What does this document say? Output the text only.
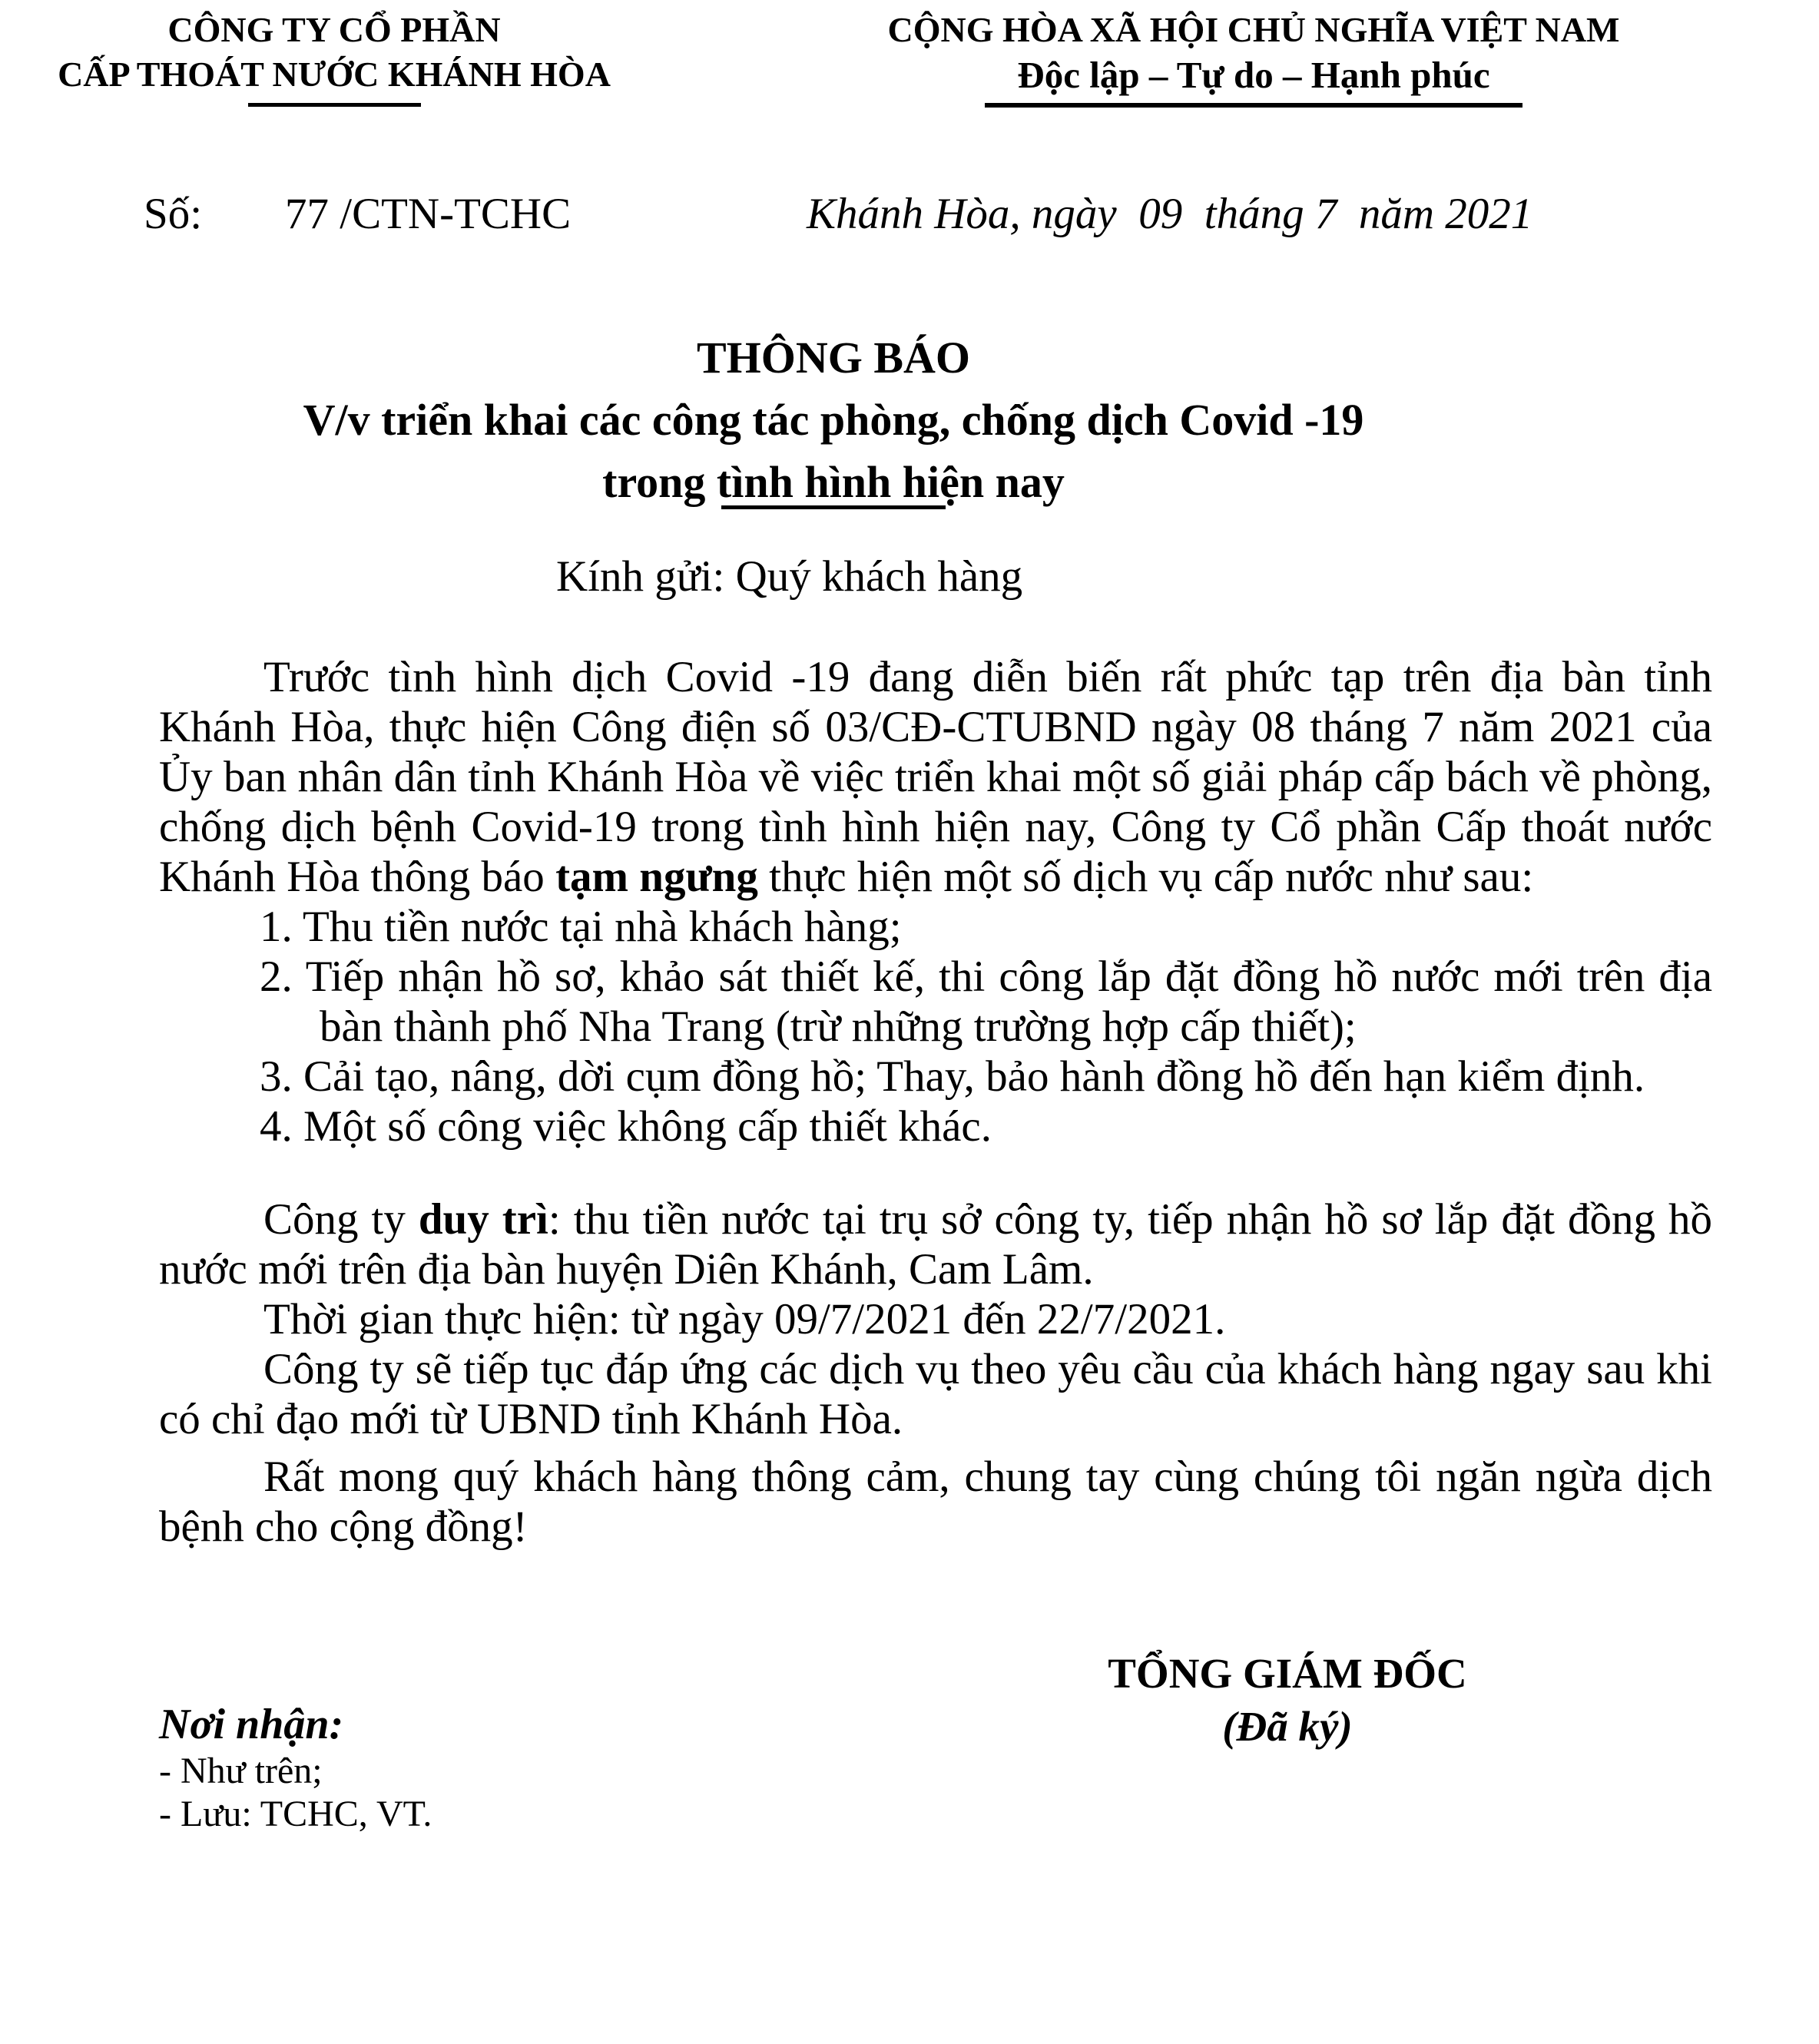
CÔNG TY CỔ PHẦN
CẤP THOÁT NƯỚC KHÁNH HÒA
CỘNG HÒA XÃ HỘI CHỦ NGHĨA VIỆT NAM
Độc lập – Tự do – Hạnh phúc
Số: 77 /CTN-TCHC	Khánh Hòa, ngày  09  tháng 7  năm 2021
THÔNG BÁO
V/v triển khai các công tác phòng, chống dịch Covid -19
trong tình hình hiện nay
Kính gửi: Quý khách hàng

Trước tình hình dịch Covid -19 đang diễn biến rất phức tạp trên địa bàn tỉnh Khánh Hòa, thực hiện Công điện số 03/CĐ-CTUBND ngày 08 tháng 7 năm 2021 của Ủy ban nhân dân tỉnh Khánh Hòa về việc triển khai một số giải pháp cấp bách về phòng, chống dịch bệnh Covid-19 trong tình hình hiện nay, Công ty Cổ phần Cấp thoát nước Khánh Hòa thông báo tạm ngưng thực hiện một số dịch vụ cấp nước như sau:

1. Thu tiền nước tại nhà khách hàng;
2. Tiếp nhận hồ sơ, khảo sát thiết kế, thi công lắp đặt đồng hồ nước mới trên địa bàn thành phố Nha Trang (trừ những trường hợp cấp thiết);
3. Cải tạo, nâng, dời cụm đồng hồ; Thay, bảo hành đồng hồ đến hạn kiểm định.
4. Một số công việc không cấp thiết khác.

Công ty duy trì: thu tiền nước tại trụ sở công ty, tiếp nhận hồ sơ lắp đặt đồng hồ nước mới trên địa bàn huyện Diên Khánh, Cam Lâm.

Thời gian thực hiện: từ ngày 09/7/2021 đến 22/7/2021.

Công ty sẽ tiếp tục đáp ứng các dịch vụ theo yêu cầu của khách hàng ngay sau khi có chỉ đạo mới từ UBND tỉnh Khánh Hòa.

Rất mong quý khách hàng thông cảm, chung tay cùng chúng tôi ngăn ngừa dịch bệnh cho cộng đồng!

TỔNG GIÁM ĐỐC
(Đã ký)
Nơi nhận:
- Như trên;
- Lưu: TCHC, VT.
